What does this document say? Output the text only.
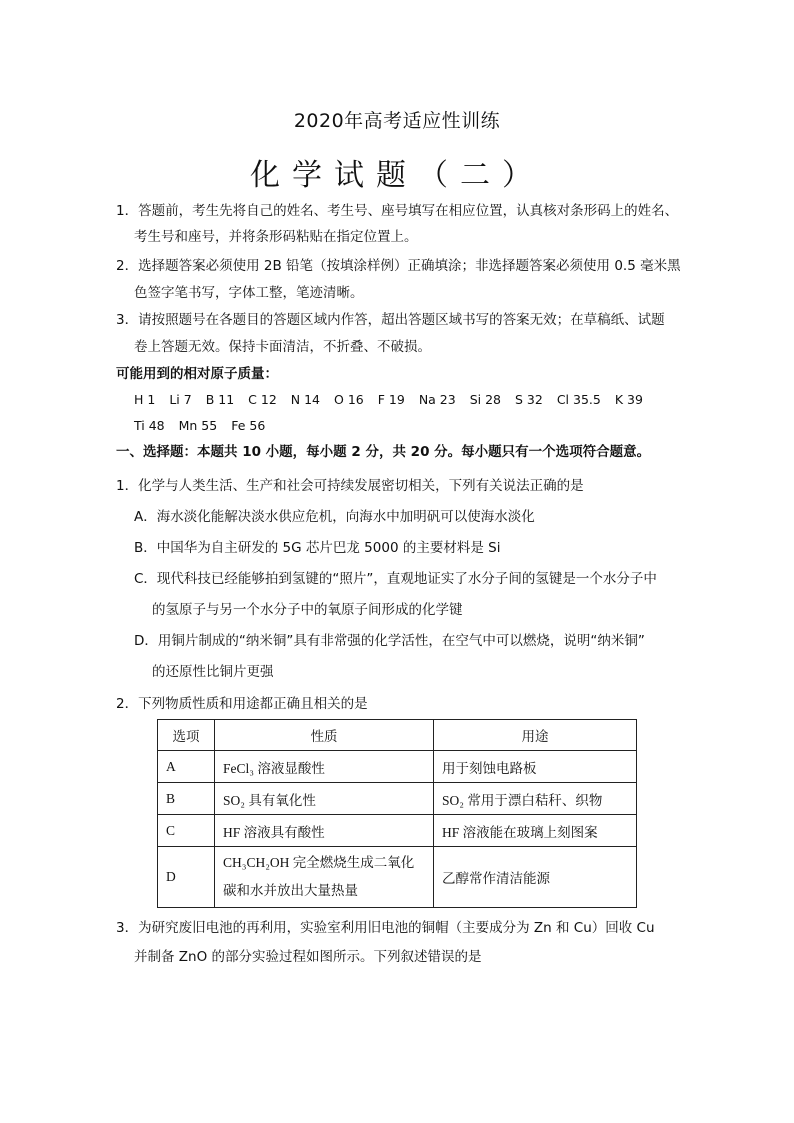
2020年高考适应性训练
化学试题（二）
1．答题前，考生先将自己的姓名、考生号、座号填写在相应位置，认真核对条形码上的姓名、
考生号和座号，并将条形码粘贴在指定位置上。
2．选择题答案必须使用 2B 铅笔（按填涂样例）正确填涂；非选择题答案必须使用 0.5 毫米黑
色签字笔书写，字体工整，笔迹清晰。
3．请按照题号在各题目的答题区域内作答，超出答题区域书写的答案无效；在草稿纸、试题
卷上答题无效。保持卡面清洁，不折叠、不破损。
可能用到的相对原子质量：
H 1 Li 7 B 11 C 12 N 14 O 16 F 19 Na 23 Si 28 S 32 Cl 35.5 K 39
Ti 48 Mn 55 Fe 56
一、选择题：本题共 10 小题，每小题 2 分，共 20 分。每小题只有一个选项符合题意。
1．化学与人类生活、生产和社会可持续发展密切相关，下列有关说法正确的是
A．海水淡化能解决淡水供应危机，向海水中加明矾可以使海水淡化
B．中国华为自主研发的 5G 芯片巴龙 5000 的主要材料是 Si
C．现代科技已经能够拍到氢键的“照片”，直观地证实了水分子间的氢键是一个水分子中
的氢原子与另一个水分子中的氧原子间形成的化学键
D．用铜片制成的“纳米铜”具有非常强的化学活性，在空气中可以燃烧，说明“纳米铜”
的还原性比铜片更强
2．下列物质性质和用途都正确且相关的是
选项	性质	用途
A	FeCl₃ 溶液显酸性	用于刻蚀电路板
B	SO₂ 具有氧化性	SO₂ 常用于漂白秸秆、织物
C	HF 溶液具有酸性	HF 溶液能在玻璃上刻图案
D	CH₃CH₂OH 完全燃烧生成二氧化
碳和水并放出大量热量	乙醇常作清洁能源
3．为研究废旧电池的再利用，实验室利用旧电池的铜帽（主要成分为 Zn 和 Cu）回收 Cu
并制备 ZnO 的部分实验过程如图所示。下列叙述错误的是
